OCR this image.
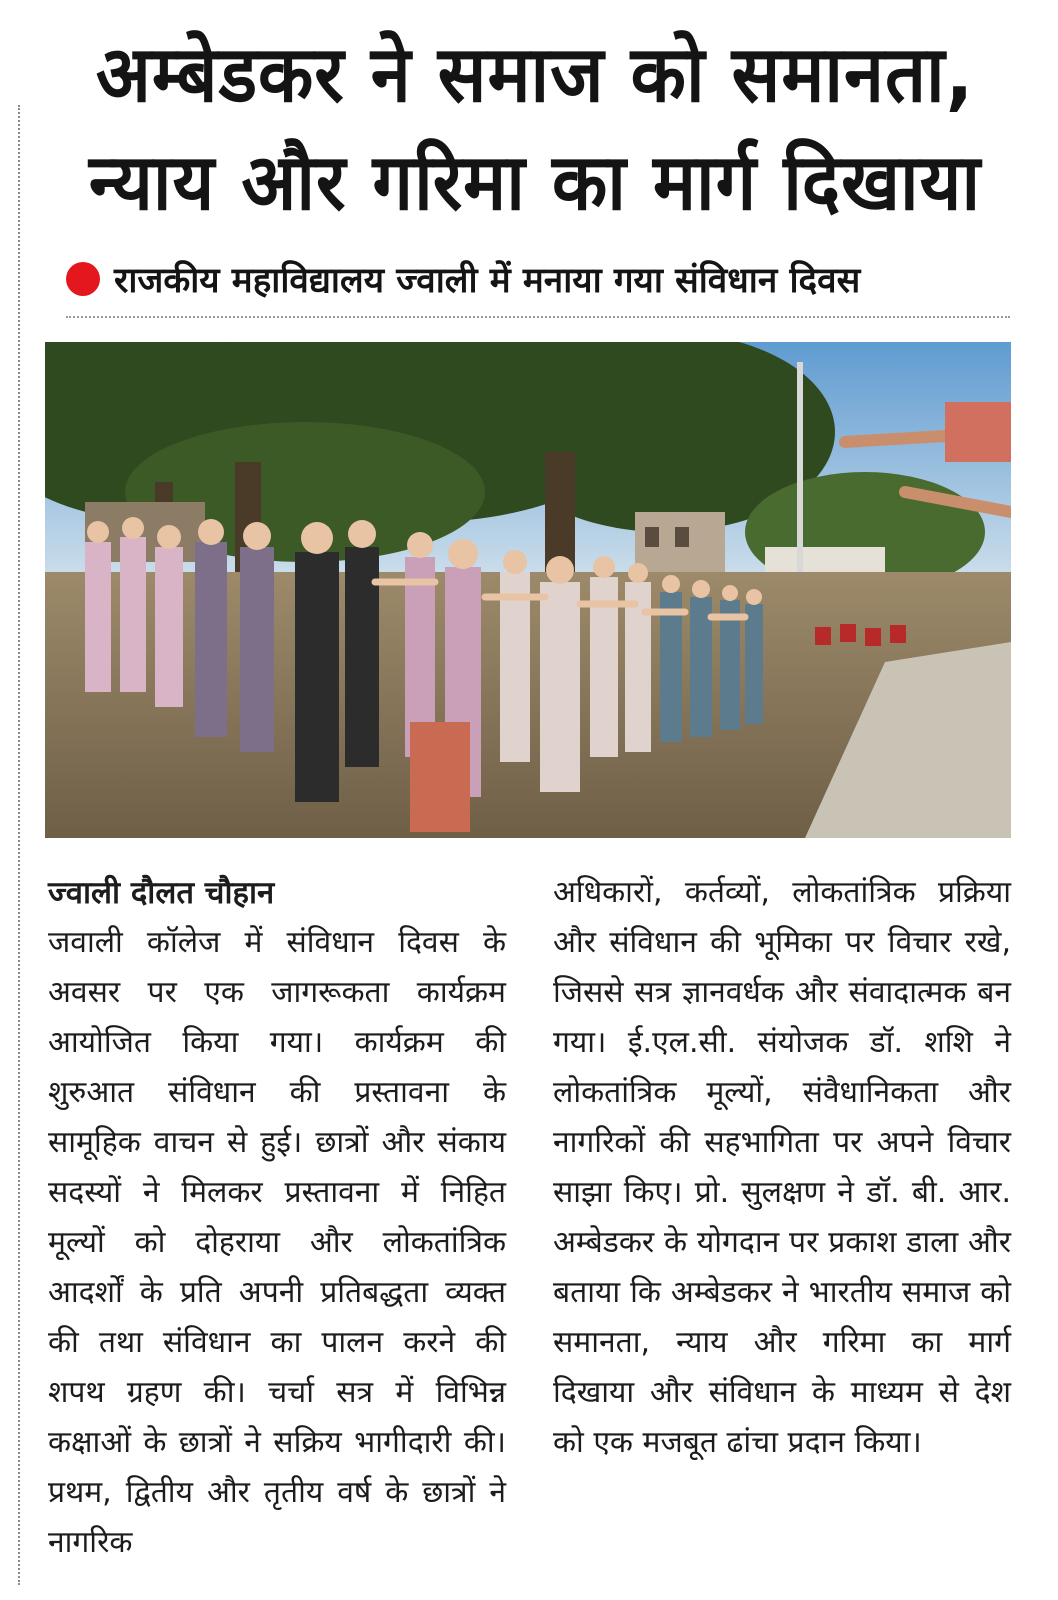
अम्बेडकर ने समाज को समानता,
न्याय और गरिमा का मार्ग दिखाया
राजकीय महाविद्यालय ज्वाली में मनाया गया संविधान दिवस
ज्वाली दौलत चौहान

जवाली कॉलेज में संविधान दिवस के अवसर पर एक जागरूकता कार्यक्रम आयोजित किया गया। कार्यक्रम की शुरुआत संविधान की प्रस्तावना के सामूहिक वाचन से हुई। छात्रों और संकाय सदस्यों ने मिलकर प्रस्तावना में निहित मूल्यों को दोहराया और लोकतांत्रिक आदर्शों के प्रति अपनी प्रतिबद्धता व्यक्त की तथा संविधान का पालन करने की शपथ ग्रहण की। चर्चा सत्र में विभिन्न कक्षाओं के छात्रों ने सक्रिय भागीदारी की। प्रथम, द्वितीय और तृतीय वर्ष के छात्रों ने नागरिक

अधिकारों, कर्तव्यों, लोकतांत्रिक प्रक्रिया और संविधान की भूमिका पर विचार रखे, जिससे सत्र ज्ञानवर्धक और संवादात्मक बन गया। ई.एल.सी. संयोजक डॉ. शशि ने लोकतांत्रिक मूल्यों, संवैधानिकता और नागरिकों की सहभागिता पर अपने विचार साझा किए। प्रो. सुलक्षण ने डॉ. बी. आर. अम्बेडकर के योगदान पर प्रकाश डाला और बताया कि अम्बेडकर ने भारतीय समाज को समानता, न्याय और गरिमा का मार्ग दिखाया और संविधान के माध्यम से देश को एक मजबूत ढांचा प्रदान किया।
